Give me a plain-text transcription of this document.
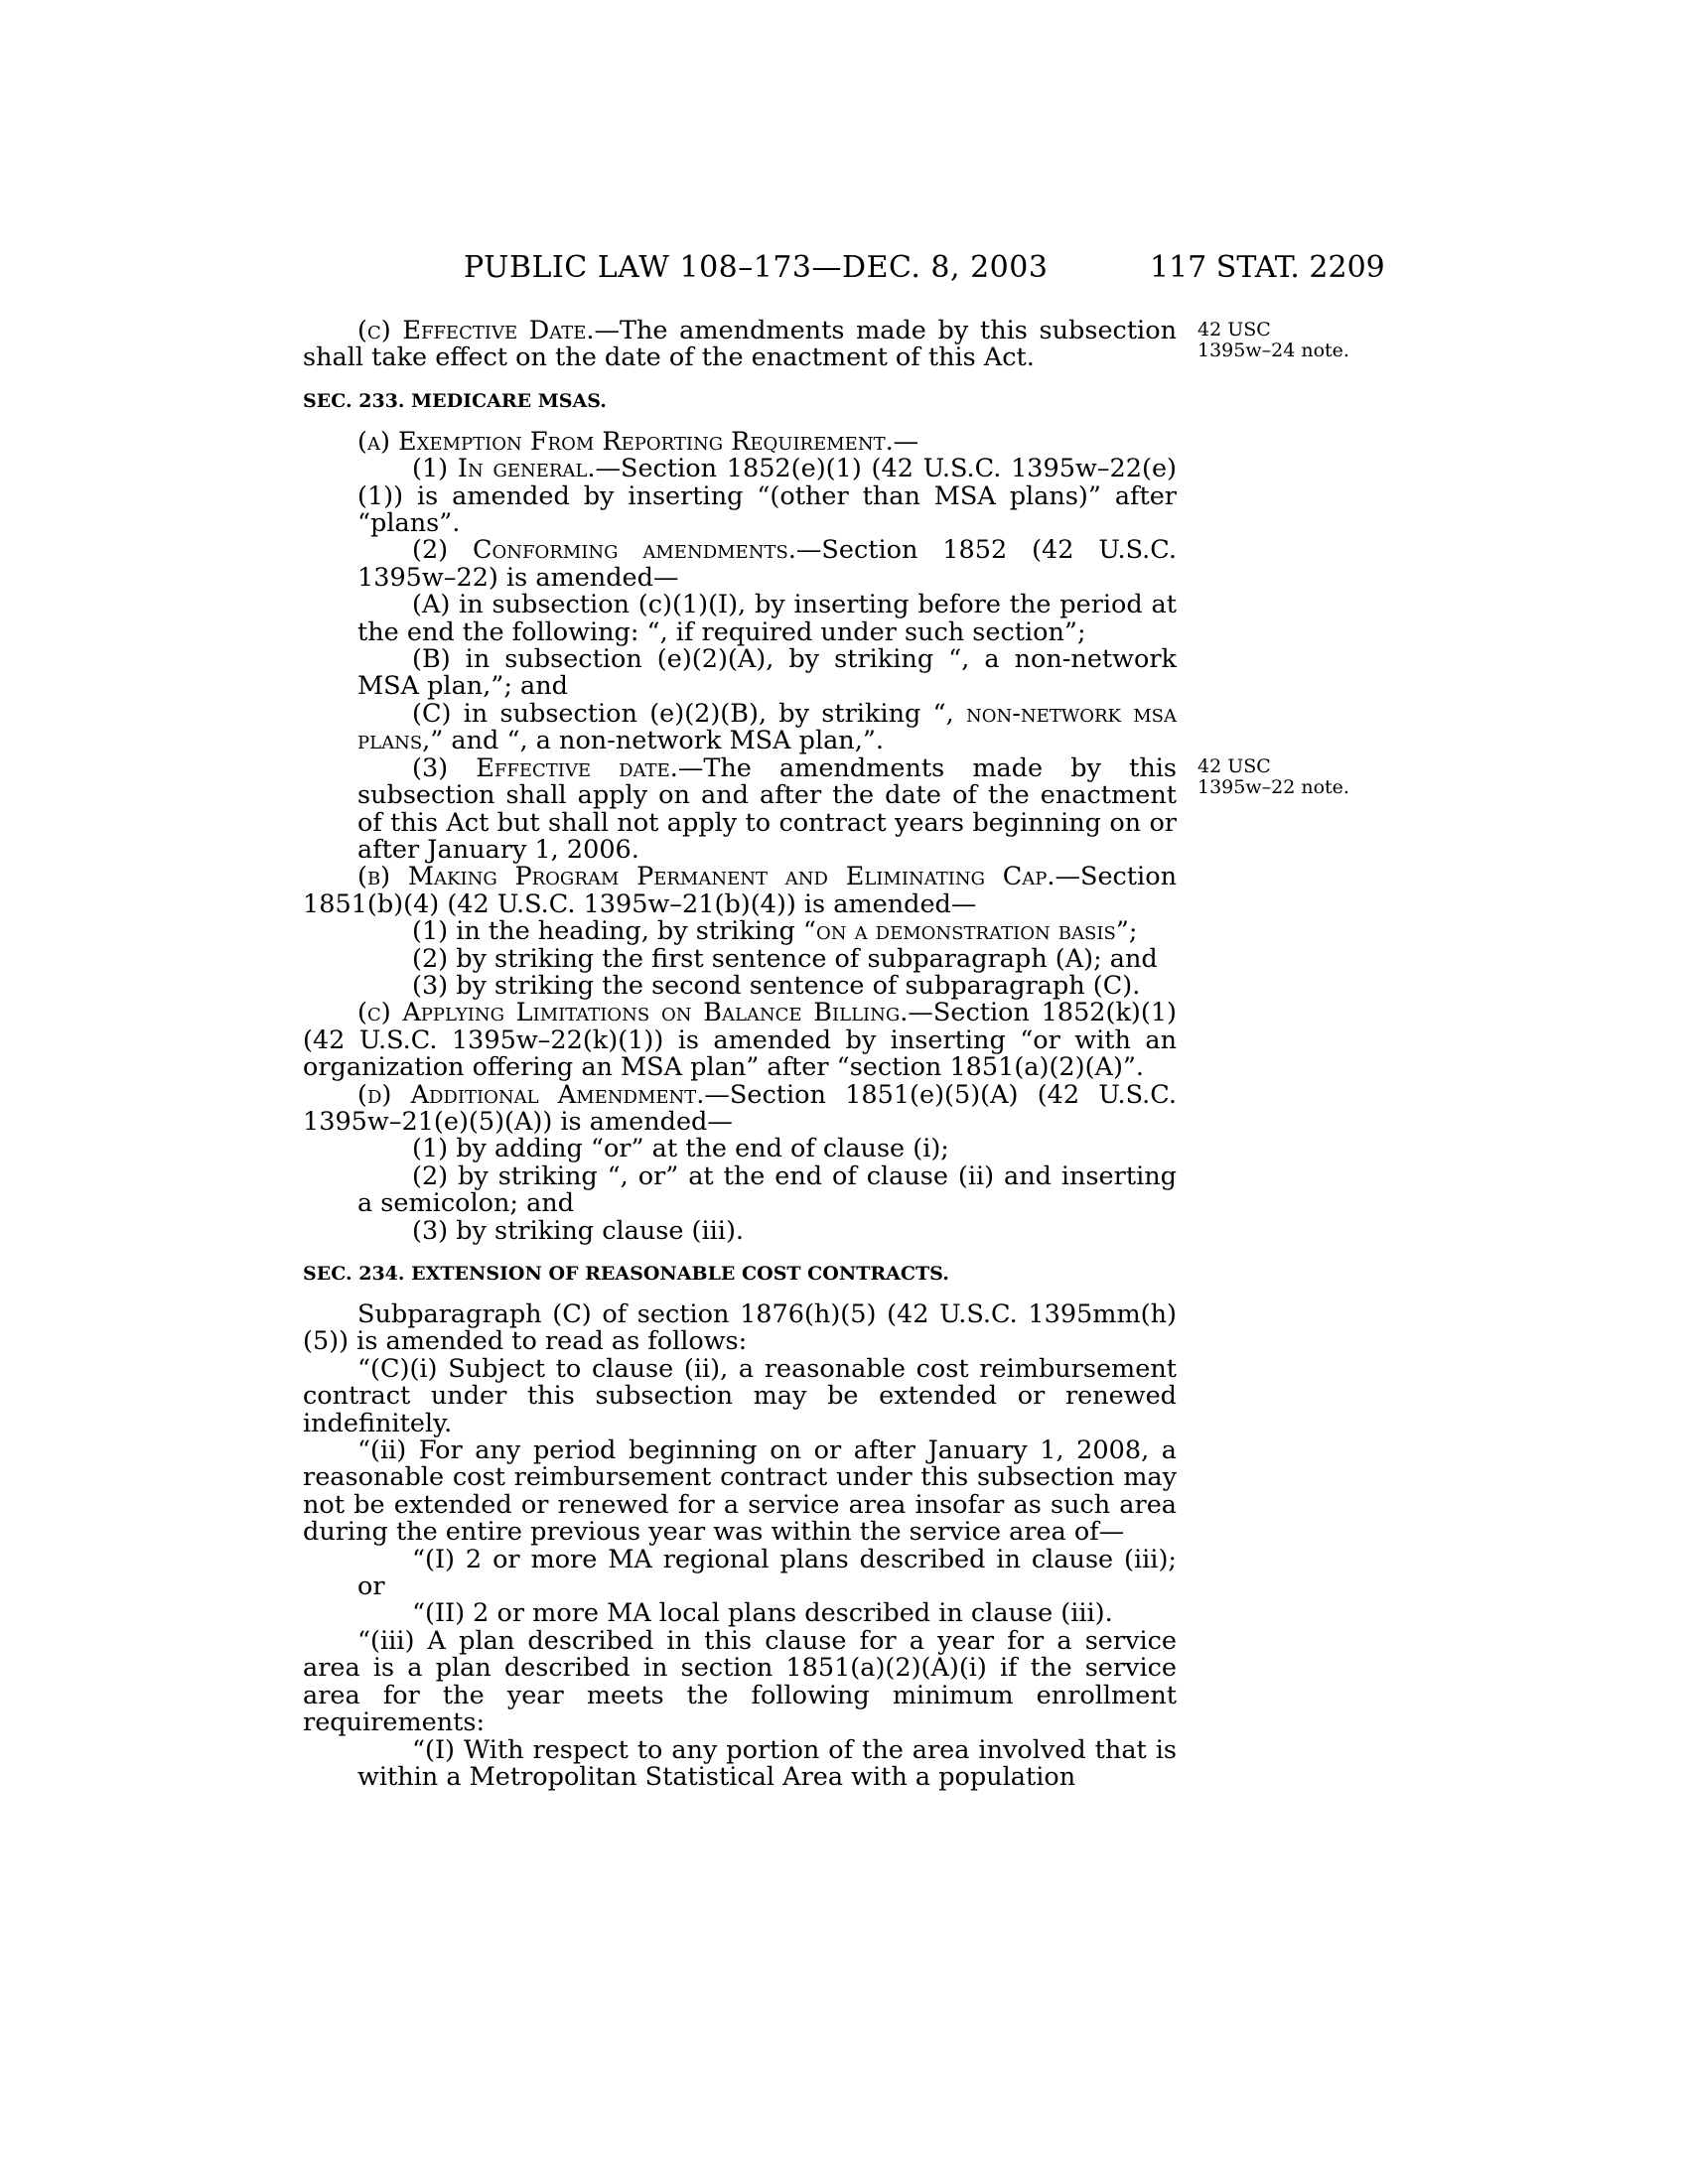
PUBLIC LAW 108–173—DEC. 8, 2003	117 STAT. 2209
42 USC
1395w–24 note.
42 USC
1395w–22 note.

(c) Effective Date.—The amendments made by this subsection shall take effect on the date of the enactment of this Act.

SEC. 233. MEDICARE MSAS.

(a) Exemption From Reporting Requirement.—

(1) In general.—Section 1852(e)(1) (42 U.S.C. 1395w–22(e)(1)) is amended by inserting “(other than MSA plans)” after “plans”.

(2) Conforming amendments.—Section 1852 (42 U.S.C. 1395w–22) is amended—

(A) in subsection (c)(1)(I), by inserting before the period at the end the following: “, if required under such section”;

(B) in subsection (e)(2)(A), by striking “, a non-network MSA plan,”; and

(C) in subsection (e)(2)(B), by striking “, non-network msa plans,” and “, a non-network MSA plan,”.

(3) Effective date.—The amendments made by this subsection shall apply on and after the date of the enactment of this Act but shall not apply to contract years beginning on or after January 1, 2006.

(b) Making Program Permanent and Eliminating Cap.—Section 1851(b)(4) (42 U.S.C. 1395w–21(b)(4)) is amended—

(1) in the heading, by striking “on a demonstration basis”;

(2) by striking the first sentence of subparagraph (A); and

(3) by striking the second sentence of subparagraph (C).

(c) Applying Limitations on Balance Billing.—Section 1852(k)(1) (42 U.S.C. 1395w–22(k)(1)) is amended by inserting “or with an organization offering an MSA plan” after “section 1851(a)(2)(A)”.

(d) Additional Amendment.—Section 1851(e)(5)(A) (42 U.S.C. 1395w–21(e)(5)(A)) is amended—

(1) by adding “or” at the end of clause (i);

(2) by striking “, or” at the end of clause (ii) and inserting a semicolon; and

(3) by striking clause (iii).

SEC. 234. EXTENSION OF REASONABLE COST CONTRACTS.

Subparagraph (C) of section 1876(h)(5) (42 U.S.C. 1395mm(h)(5)) is amended to read as follows:

“(C)(i) Subject to clause (ii), a reasonable cost reimbursement contract under this subsection may be extended or renewed indefinitely.

“(ii) For any period beginning on or after January 1, 2008, a reasonable cost reimbursement contract under this subsection may not be extended or renewed for a service area insofar as such area during the entire previous year was within the service area of—

“(I) 2 or more MA regional plans described in clause (iii); or

“(II) 2 or more MA local plans described in clause (iii).

“(iii) A plan described in this clause for a year for a service area is a plan described in section 1851(a)(2)(A)(i) if the service area for the year meets the following minimum enrollment requirements:

“(I) With respect to any portion of the area involved that is within a Metropolitan Statistical Area with a population
